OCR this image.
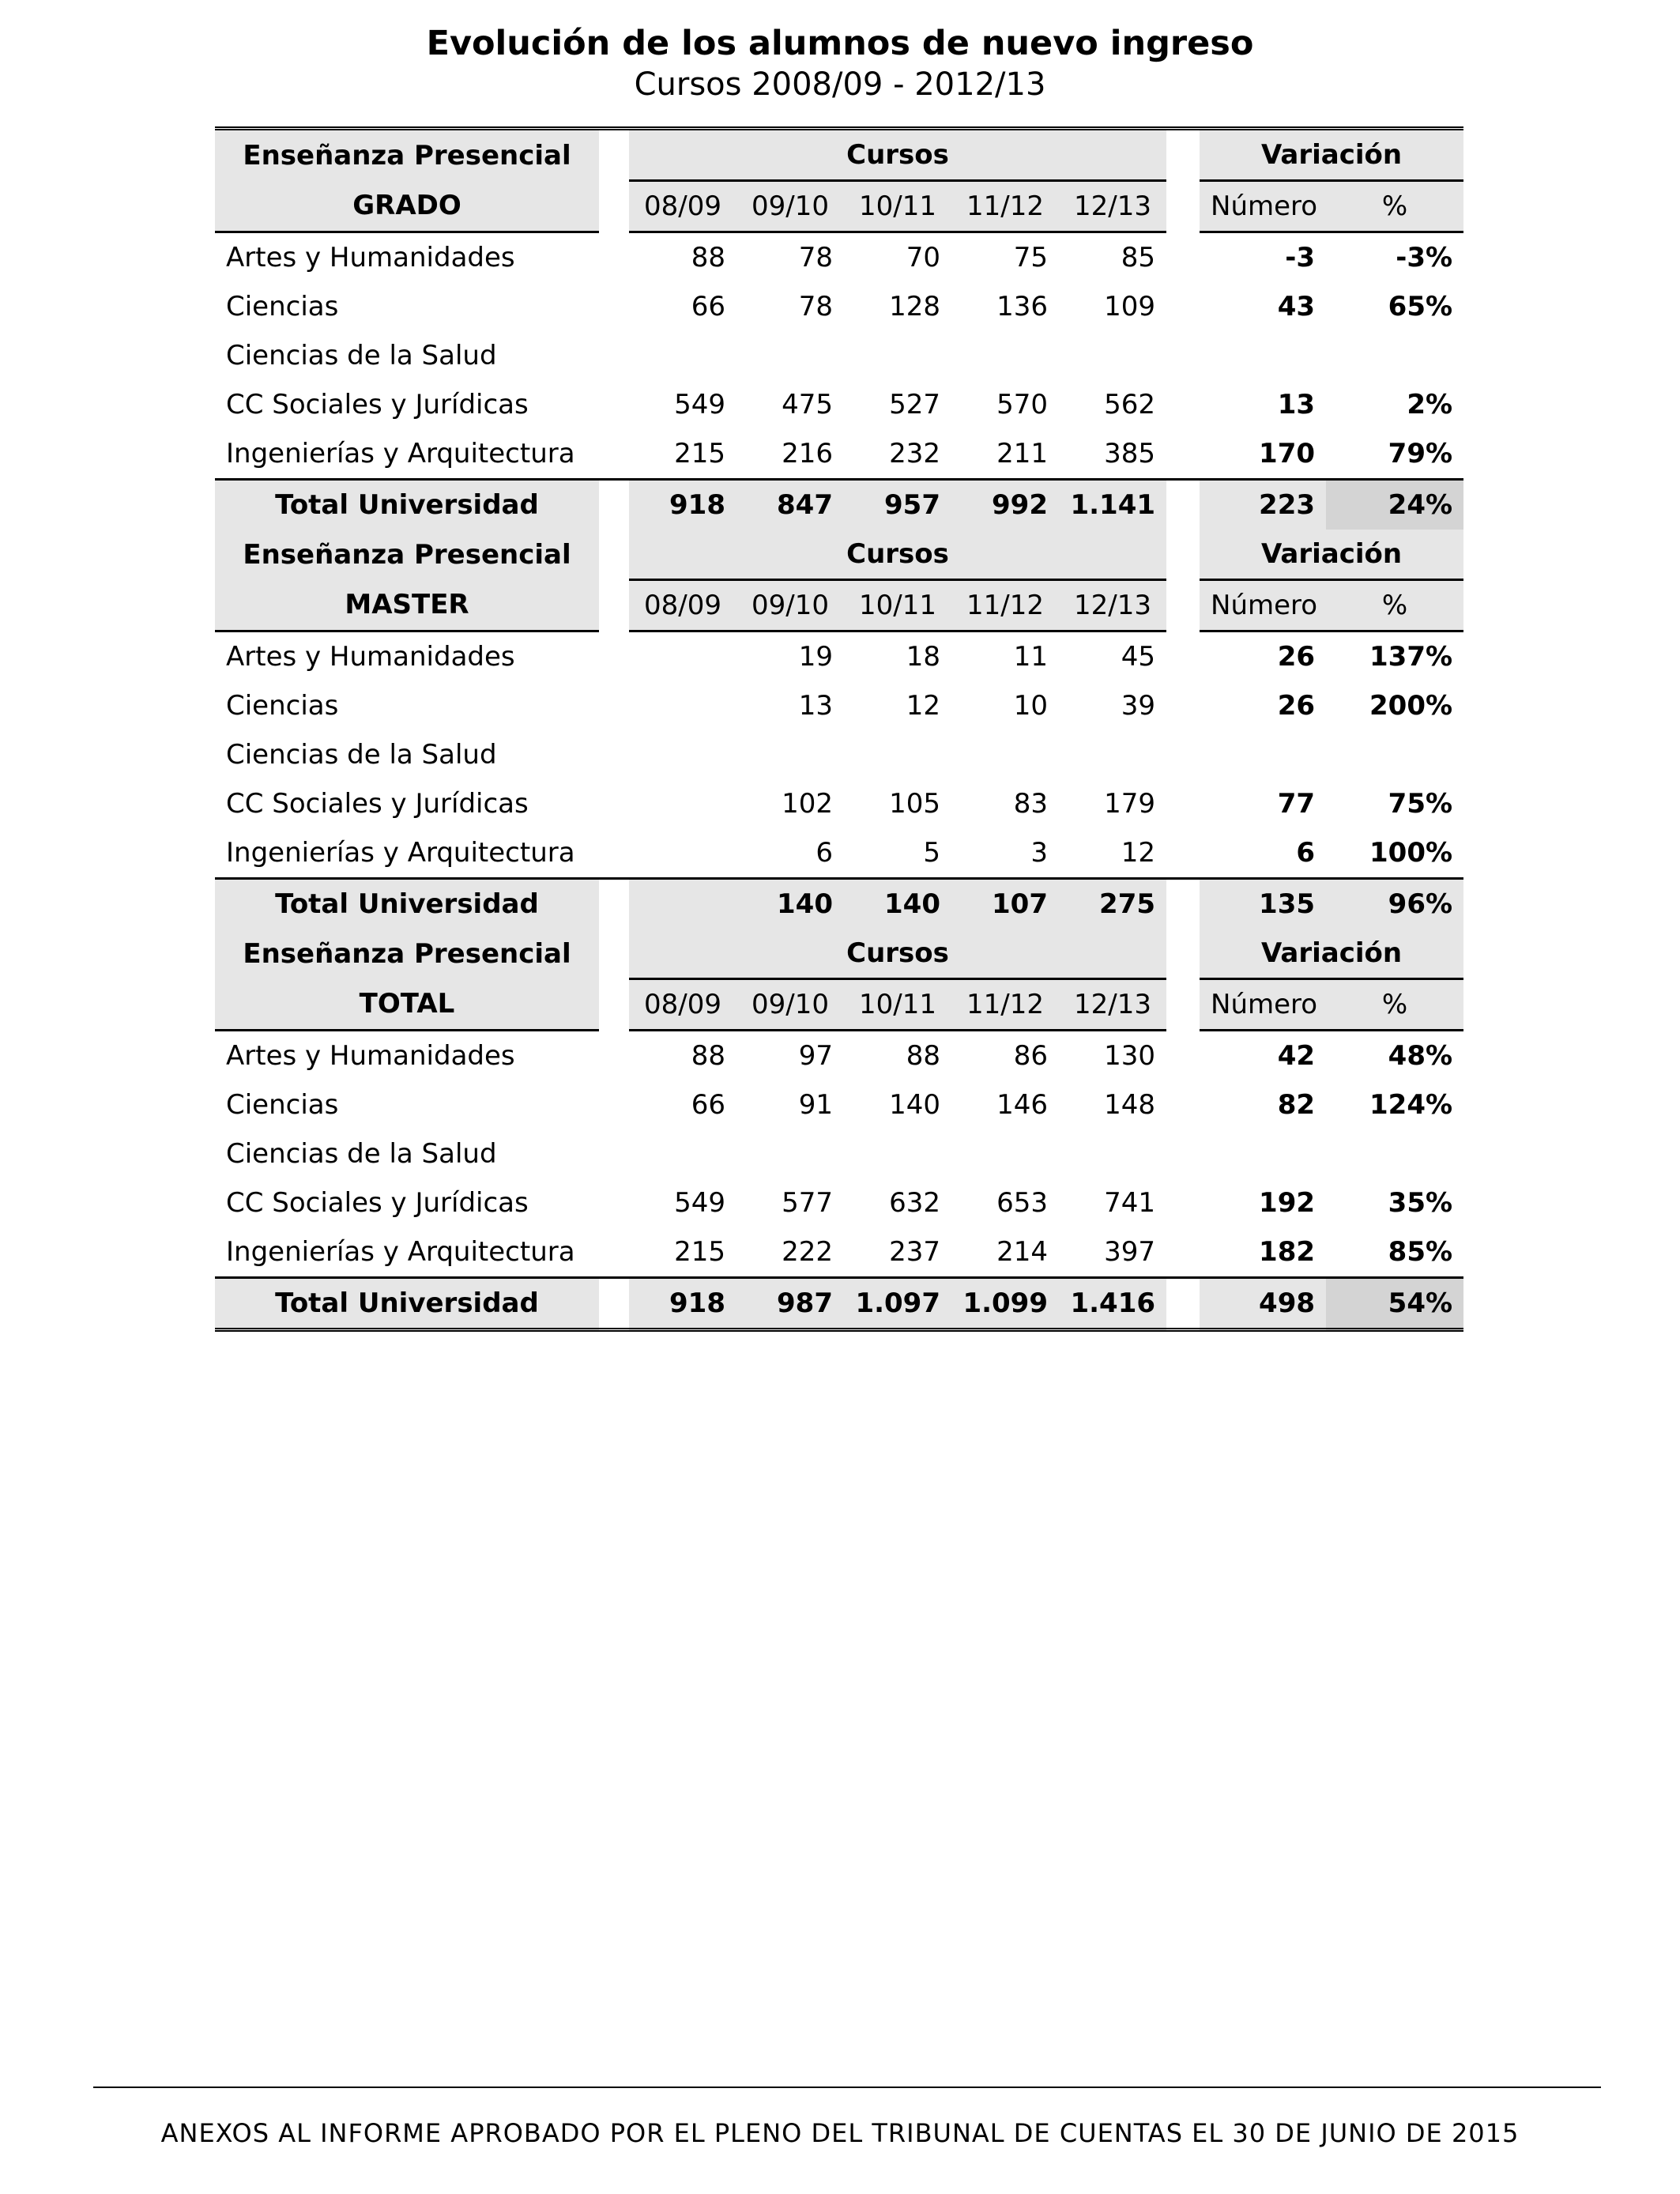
Evolución de los alumnos de nuevo ingreso
Cursos 2008/09 - 2012/13
Enseñanza Presencial		Cursos						Variación	
GRADO		08/09	09/10	10/11	11/12	12/13		Número	%
Artes y Humanidades		88	78	70	75	85		-3	-3%
Ciencias		66	78	128	136	109		43	65%
Ciencias de la Salud									
CC Sociales y Jurídicas		549	475	527	570	562		13	2%
Ingenierías y Arquitectura		215	216	232	211	385		170	79%
Total Universidad		918	847	957	992	1.141		223	24%
Enseñanza Presencial		Cursos						Variación	
MASTER		08/09	09/10	10/11	11/12	12/13		Número	%
Artes y Humanidades			19	18	11	45		26	137%
Ciencias			13	12	10	39		26	200%
Ciencias de la Salud									
CC Sociales y Jurídicas			102	105	83	179		77	75%
Ingenierías y Arquitectura			6	5	3	12		6	100%
Total Universidad			140	140	107	275		135	96%
Enseñanza Presencial		Cursos						Variación	
TOTAL		08/09	09/10	10/11	11/12	12/13		Número	%
Artes y Humanidades		88	97	88	86	130		42	48%
Ciencias		66	91	140	146	148		82	124%
Ciencias de la Salud									
CC Sociales y Jurídicas		549	577	632	653	741		192	35%
Ingenierías y Arquitectura		215	222	237	214	397		182	85%
Total Universidad		918	987	1.097	1.099	1.416		498	54%
ANEXOS AL INFORME APROBADO POR EL PLENO DEL TRIBUNAL DE CUENTAS EL 30 DE JUNIO DE 2015
